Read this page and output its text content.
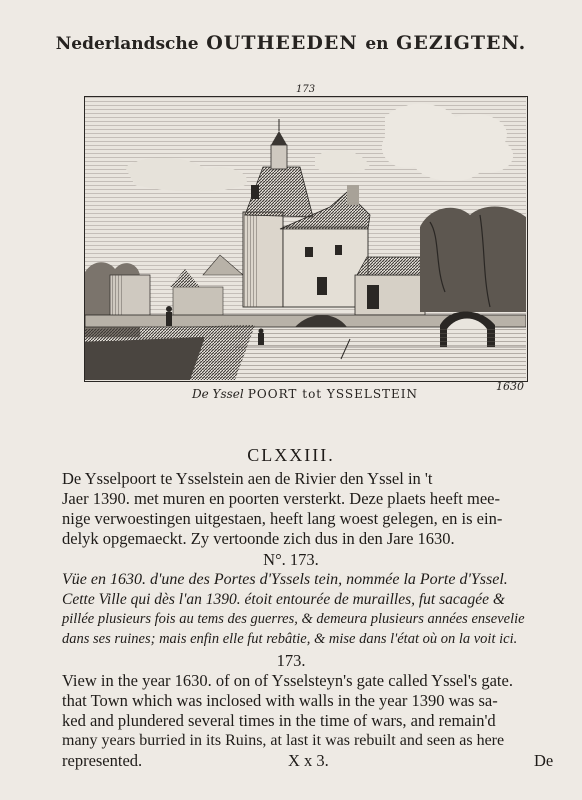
Nederlandsche OUTHEEDEN en GEZIGTEN.
173
De Yssel POORT tot YSSELSTEIN
1630
CLXXIII.
De Ysselpoort te Ysselstein aen de Rivier den Yssel in 't
Jaer 1390. met muren en poorten versterkt. Deze plaets heeft mee-
nige verwoestingen uitgestaen, heeft lang woest gelegen, en is ein-
delyk opgemaeckt. Zy vertoonde zich dus in den Jare 1630.
N°. 173.
Vüe en 1630. d'une des Portes d'Yssels tein, nommée la Porte d'Yssel.
Cette Ville qui dès l'an 1390. étoit entourée de murailles, fut sacagée &
pillée plusieurs fois au tems des guerres, & demeura plusieurs années ensevelie
dans ses ruines; mais enfin elle fut rebâtie, & mise dans l'état où on la voit ici.
173.
View in the year 1630. of on of Ysselsteyn's gate called Yssel's gate.
that Town which was inclosed with walls in the year 1390 was sa-
ked and plundered several times in the time of wars, and remain'd
many years burried in its Ruins, at last it was rebuilt and seen as here
represented.	X x 3.	De
